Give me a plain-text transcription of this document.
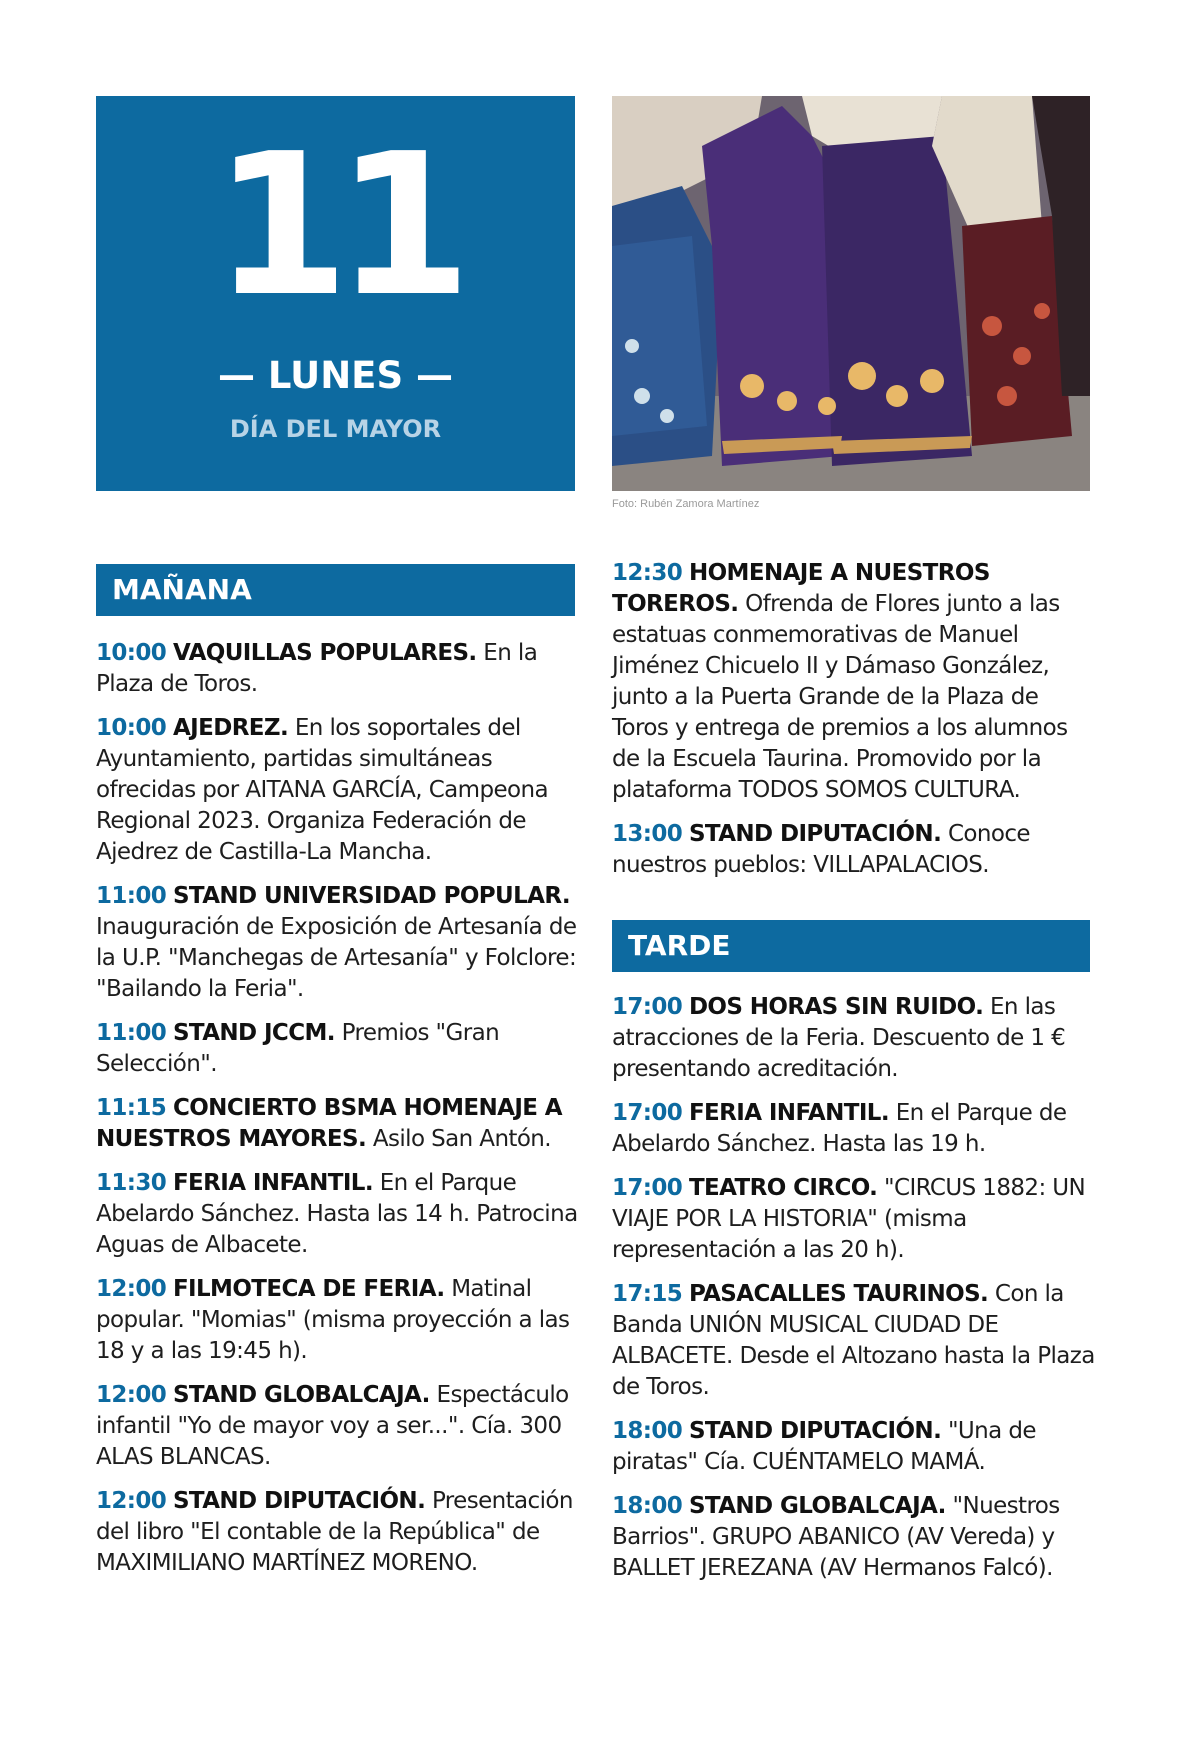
11
— LUNES —
DÍA DEL MAYOR
Foto: Rubén Zamora Martínez
MAÑANA

10:00 VAQUILLAS POPULARES. En la Plaza de Toros.

10:00 AJEDREZ. En los soportales del Ayuntamiento, partidas simultáneas ofrecidas por AITANA GARCÍA, Campeona Regional 2023. Organiza Federación de Ajedrez de Castilla-La Mancha.

11:00 STAND UNIVERSIDAD POPULAR. Inauguración de Exposición de Artesanía de la U.P. "Manchegas de Artesanía" y Folclore: "Bailando la Feria".

11:00 STAND JCCM. Premios "Gran Selección".

11:15 CONCIERTO BSMA HOMENAJE A NUESTROS MAYORES. Asilo San Antón.

11:30 FERIA INFANTIL. En el Parque Abelardo Sánchez. Hasta las 14 h. Patrocina Aguas de Albacete.

12:00 FILMOTECA DE FERIA. Matinal popular. "Momias" (misma proyección a las 18 y a las 19:45 h).

12:00 STAND GLOBALCAJA. Espectáculo infantil "Yo de mayor voy a ser...". Cía. 300 ALAS BLANCAS.

12:00 STAND DIPUTACIÓN. Presentación del libro "El contable de la República" de MAXIMILIANO MARTÍNEZ MORENO.

12:30 HOMENAJE A NUESTROS TOREROS. Ofrenda de Flores junto a las estatuas conmemorativas de Manuel Jiménez Chicuelo II y Dámaso González, junto a la Puerta Grande de la Plaza de Toros y entrega de premios a los alumnos de la Escuela Taurina. Promovido por la plataforma TODOS SOMOS CULTURA.

13:00 STAND DIPUTACIÓN. Conoce nuestros pueblos: VILLAPALACIOS.

TARDE

17:00 DOS HORAS SIN RUIDO. En las atracciones de la Feria. Descuento de 1 € presentando acreditación.

17:00 FERIA INFANTIL. En el Parque de Abelardo Sánchez. Hasta las 19 h.

17:00 TEATRO CIRCO. "CIRCUS 1882: UN VIAJE POR LA HISTORIA" (misma representación a las 20 h).

17:15 PASACALLES TAURINOS. Con la Banda UNIÓN MUSICAL CIUDAD DE ALBACETE. Desde el Altozano hasta la Plaza de Toros.

18:00 STAND DIPUTACIÓN. "Una de piratas" Cía. CUÉNTAMELO MAMÁ.

18:00 STAND GLOBALCAJA. "Nuestros Barrios". GRUPO ABANICO (AV Vereda) y BALLET JEREZANA (AV Hermanos Falcó).
